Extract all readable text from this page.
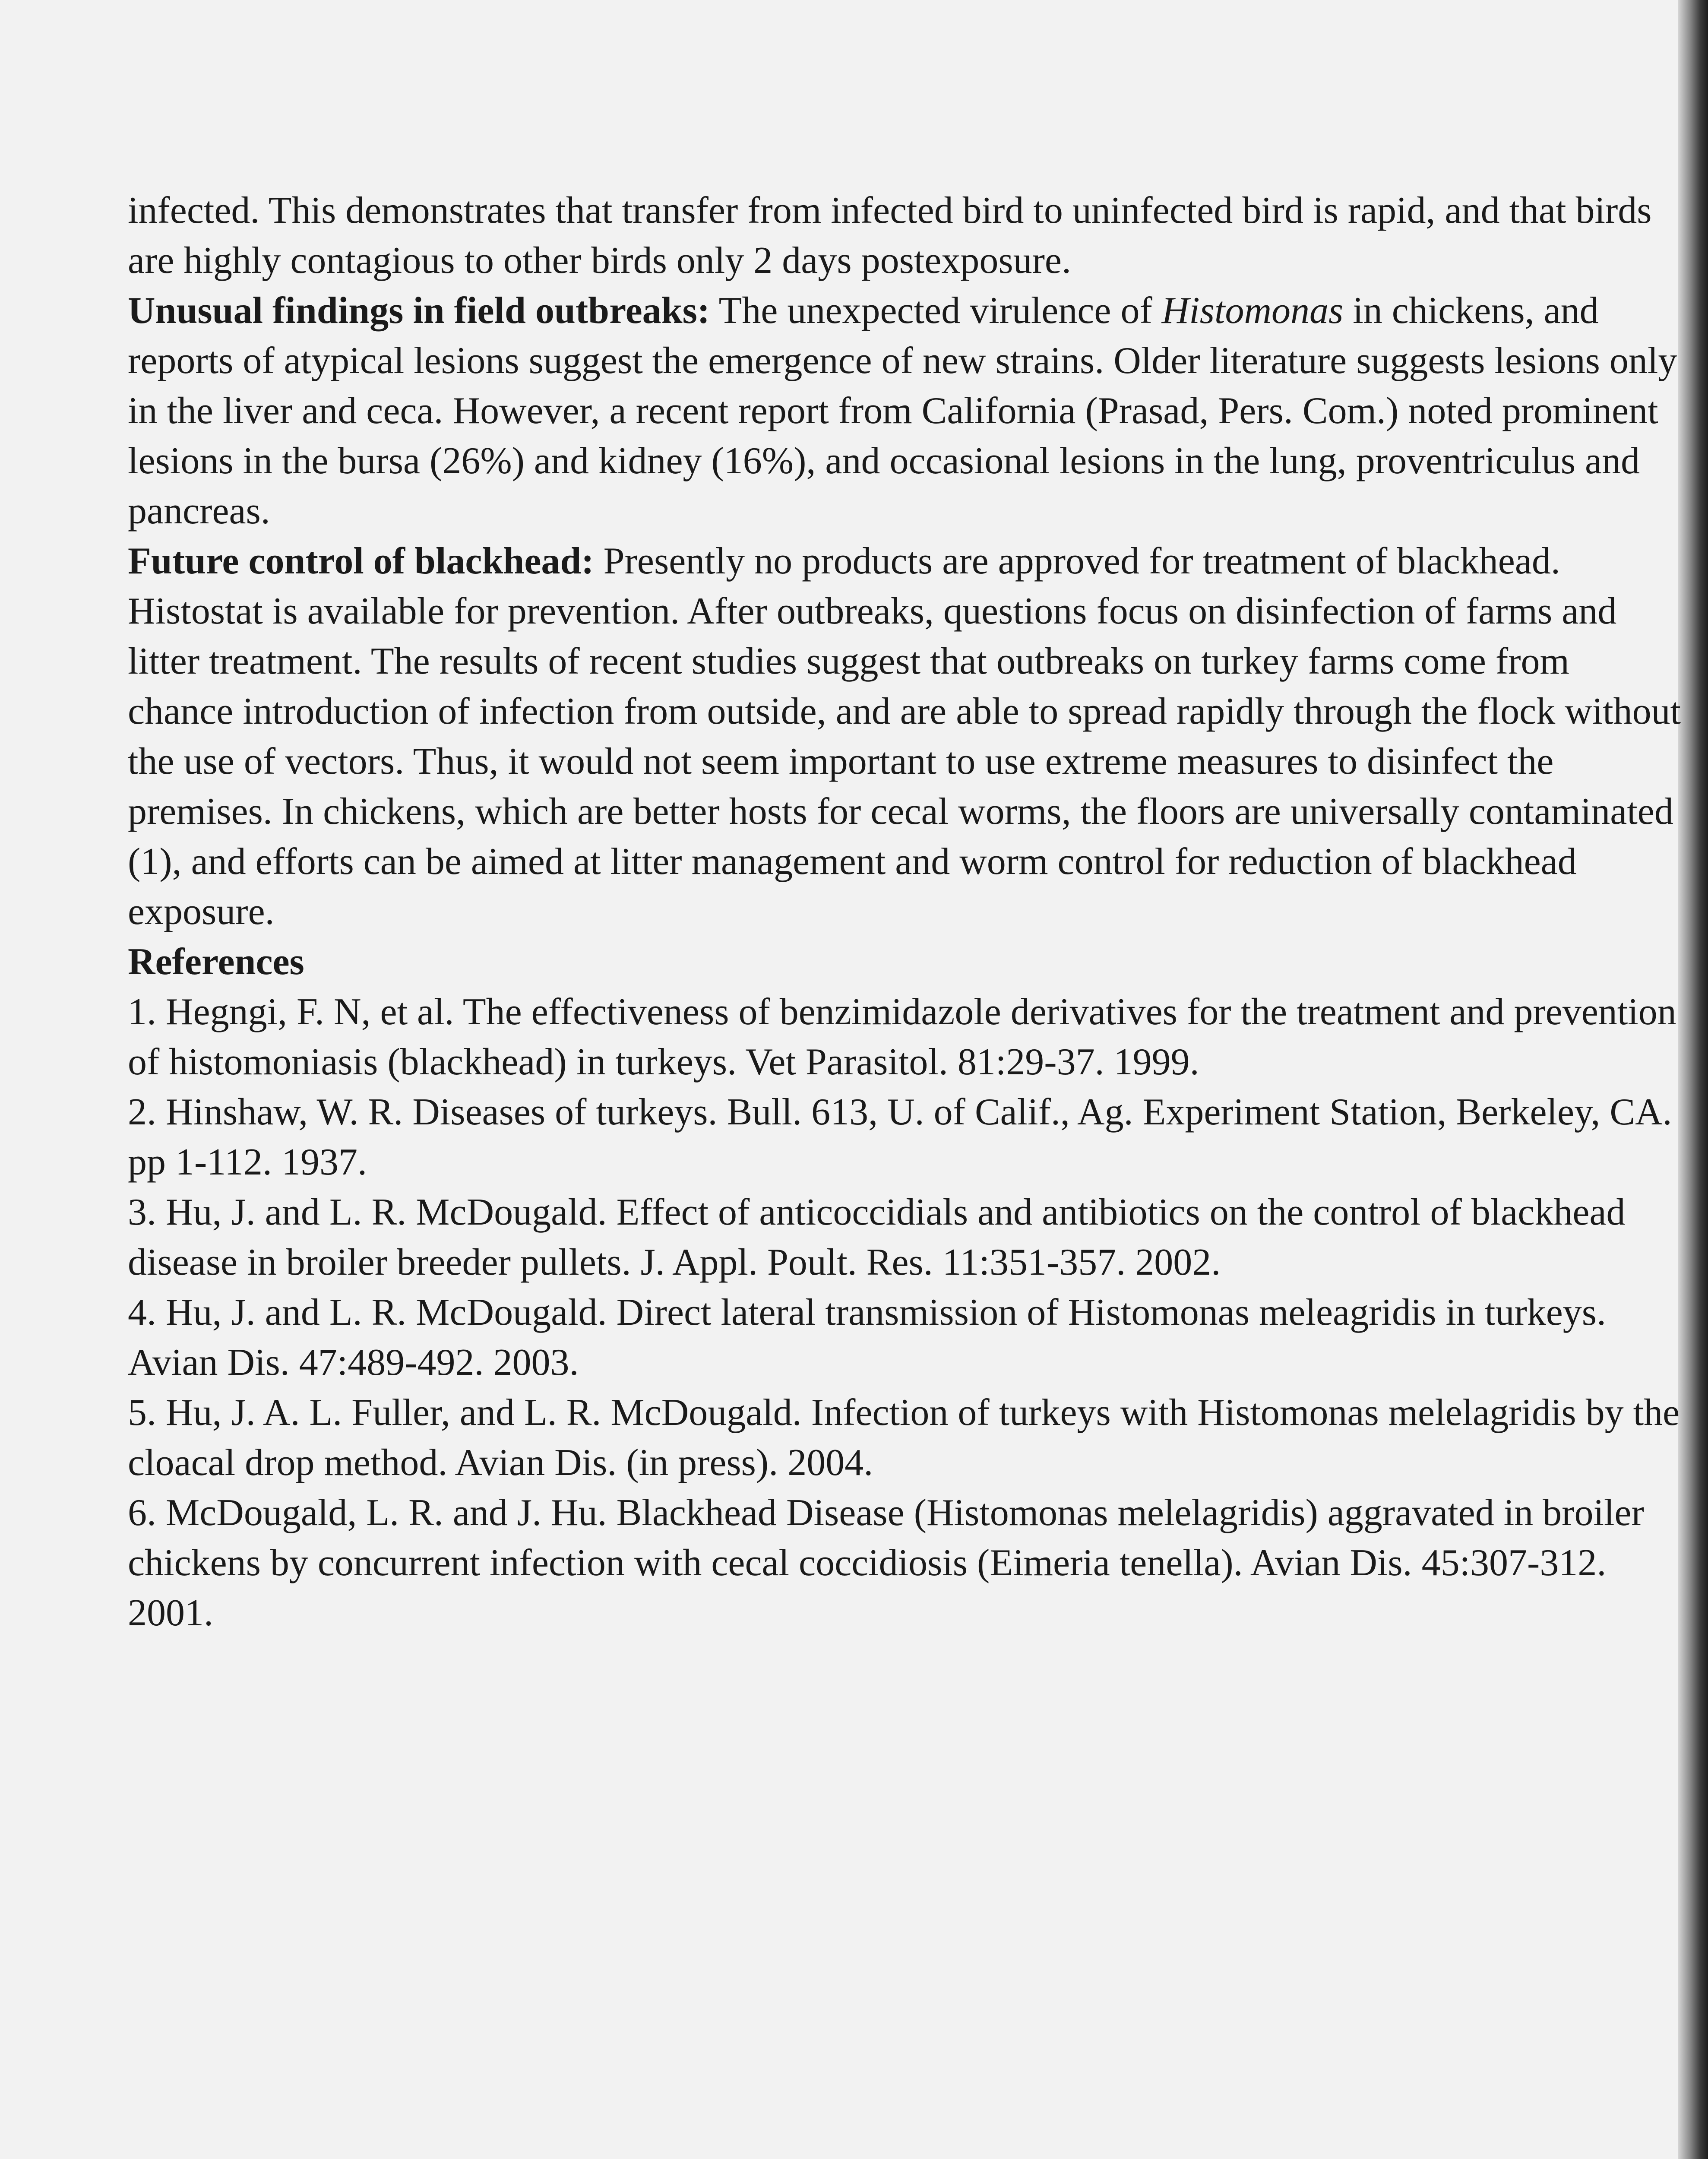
infected. This demonstrates that transfer from infected bird to uninfected bird is rapid, and that birds are highly contagious to other birds only 2 days postexposure.

Unusual findings in field outbreaks: The unexpected virulence of Histomonas in chickens, and reports of atypical lesions suggest the emergence of new strains. Older literature suggests lesions only in the liver and ceca. However, a recent report from California (Prasad, Pers. Com.) noted prominent lesions in the bursa (26%) and kidney (16%), and occasional lesions in the lung, proventriculus and pancreas.

Future control of blackhead: Presently no products are approved for treatment of blackhead. Histostat is available for prevention. After outbreaks, questions focus on disinfection of farms and litter treatment. The results of recent studies suggest that outbreaks on turkey farms come from chance introduction of infection from outside, and are able to spread rapidly through the flock without the use of vectors. Thus, it would not seem important to use extreme measures to disinfect the premises. In chickens, which are better hosts for cecal worms, the floors are universally contaminated (1), and efforts can be aimed at litter management and worm control for reduction of blackhead exposure.

References

1. Hegngi, F. N, et al. The effectiveness of benzimidazole derivatives for the treatment and prevention of histomoniasis (blackhead) in turkeys. Vet Parasitol. 81:29-37. 1999.

2. Hinshaw, W. R. Diseases of turkeys. Bull. 613, U. of Calif., Ag. Experiment Station, Berkeley, CA. pp 1-112. 1937.

3. Hu, J. and L. R. McDougald. Effect of anticoccidials and antibiotics on the control of blackhead disease in broiler breeder pullets. J. Appl. Poult. Res. 11:351-357. 2002.

4. Hu, J. and L. R. McDougald. Direct lateral transmission of Histomonas meleagridis in turkeys. Avian Dis. 47:489-492. 2003.

5. Hu, J. A. L. Fuller, and L. R. McDougald. Infection of turkeys with Histomonas melelagridis by the cloacal drop method. Avian Dis. (in press). 2004.

6. McDougald, L. R. and J. Hu. Blackhead Disease (Histomonas melelagridis) aggravated in broiler chickens by concurrent infection with cecal coccidiosis (Eimeria tenella). Avian Dis. 45:307-312. 2001.
